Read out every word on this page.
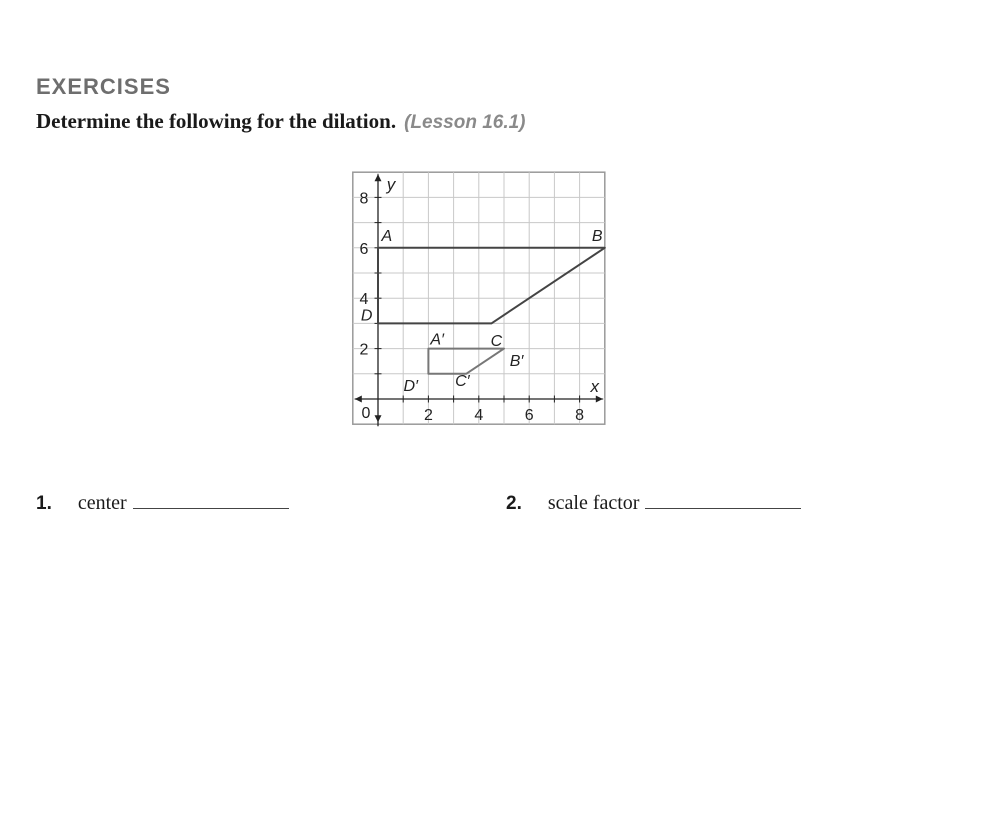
EXERCISES
Determine the following for the dilation. (Lesson 16.1)
2	4	6	8
2
4
6
8
0
x
y
A	B
C
D
A′
B′
C′
D′
1. center	2. scale factor
